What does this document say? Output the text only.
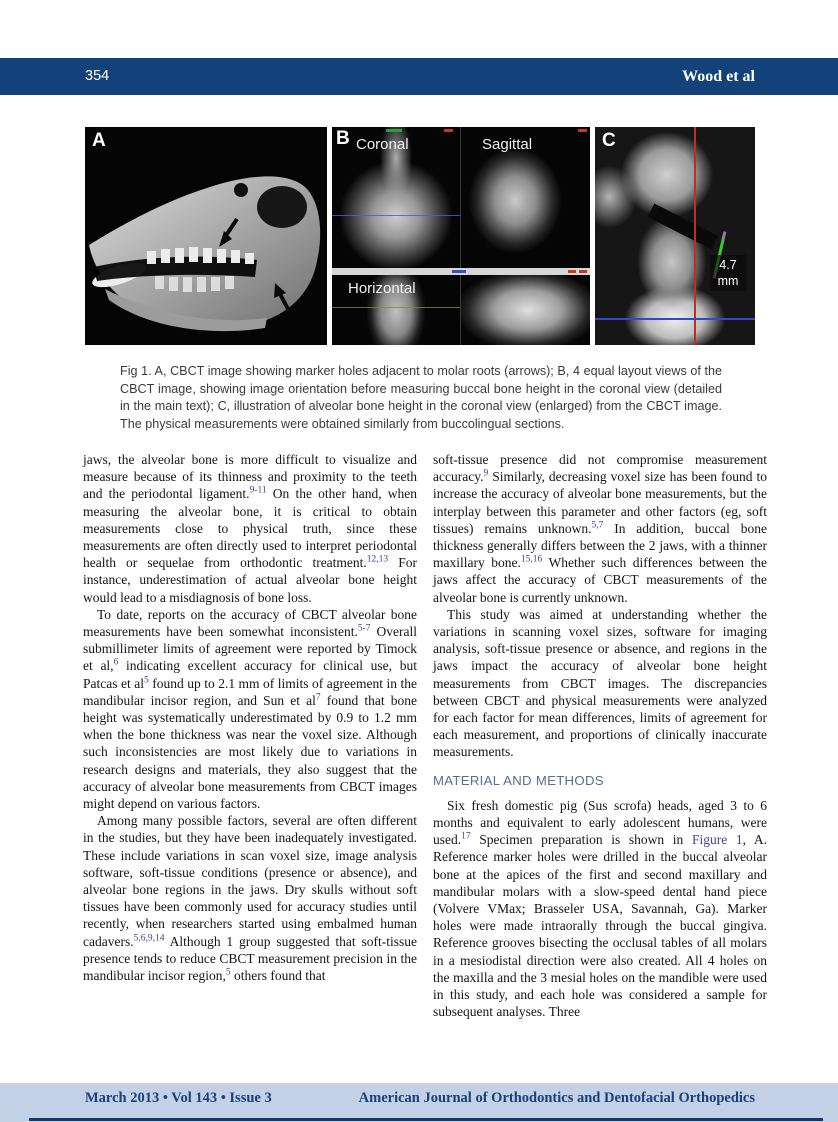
354	Wood et al
A	B Coronal	Sagittal
Horizontal
4.7
mm
C
Fig 1. A, CBCT image showing marker holes adjacent to molar roots (arrows); B, 4 equal layout views of the CBCT image, showing image orientation before measuring buccal bone height in the coronal view (detailed in the main text); C, illustration of alveolar bone height in the coronal view (enlarged) from the CBCT image. The physical measurements were obtained similarly from buccolingual sections.

jaws, the alveolar bone is more difficult to visualize and measure because of its thinness and proximity to the teeth and the periodontal ligament.$^{9-11}$ On the other hand, when measuring the alveolar bone, it is critical to obtain measurements close to physical truth, since these measurements are often directly used to interpret periodontal health or sequelae from orthodontic treatment.$^{12,13}$ For instance, underestimation of actual alveolar bone height would lead to a misdiagnosis of bone loss.

To date, reports on the accuracy of CBCT alveolar bone measurements have been somewhat inconsistent.$^{5-7}$ Overall submillimeter limits of agreement were reported by Timock et al,$^6$ indicating excellent accuracy for clinical use, but Patcas et al$^5$ found up to 2.1 mm of limits of agreement in the mandibular incisor region, and Sun et al$^7$ found that bone height was systematically underestimated by 0.9 to 1.2 mm when the bone thickness was near the voxel size. Although such inconsistencies are most likely due to variations in research designs and materials, they also suggest that the accuracy of alveolar bone measurements from CBCT images might depend on various factors.

Among many possible factors, several are often different in the studies, but they have been inadequately investigated. These include variations in scan voxel size, image analysis software, soft-tissue conditions (presence or absence), and alveolar bone regions in the jaws. Dry skulls without soft tissues have been commonly used for accuracy studies until recently, when researchers started using embalmed human cadavers.$^{5,6,9,14}$ Although 1 group suggested that soft-tissue presence tends to reduce CBCT measurement precision in the mandibular incisor region,$^5$ others found that

soft-tissue presence did not compromise measurement accuracy.$^9$ Similarly, decreasing voxel size has been found to increase the accuracy of alveolar bone measurements, but the interplay between this parameter and other factors (eg, soft tissues) remains unknown.$^{5,7}$ In addition, buccal bone thickness generally differs between the 2 jaws, with a thinner maxillary bone.$^{15,16}$ Whether such differences between the jaws affect the accuracy of CBCT measurements of the alveolar bone is currently unknown.

This study was aimed at understanding whether the variations in scanning voxel sizes, software for imaging analysis, soft-tissue presence or absence, and regions in the jaws impact the accuracy of alveolar bone height measurements from CBCT images. The discrepancies between CBCT and physical measurements were analyzed for each factor for mean differences, limits of agreement for each measurement, and proportions of clinically inaccurate measurements.

MATERIAL AND METHODS

Six fresh domestic pig (Sus scrofa) heads, aged 3 to 6 months and equivalent to early adolescent humans, were used.$^{17}$ Specimen preparation is shown in Figure 1, A. Reference marker holes were drilled in the buccal alveolar bone at the apices of the first and second maxillary and mandibular molars with a slow-speed dental hand piece (Volvere VMax; Brasseler USA, Savannah, Ga). Marker holes were made intraorally through the buccal gingiva. Reference grooves bisecting the occlusal tables of all molars in a mesiodistal direction were also created. All 4 holes on the maxilla and the 3 mesial holes on the mandible were used in this study, and each hole was considered a sample for subsequent analyses. Three

March 2013 • Vol 143 • Issue 3	American Journal of Orthodontics and Dentofacial Orthopedics
